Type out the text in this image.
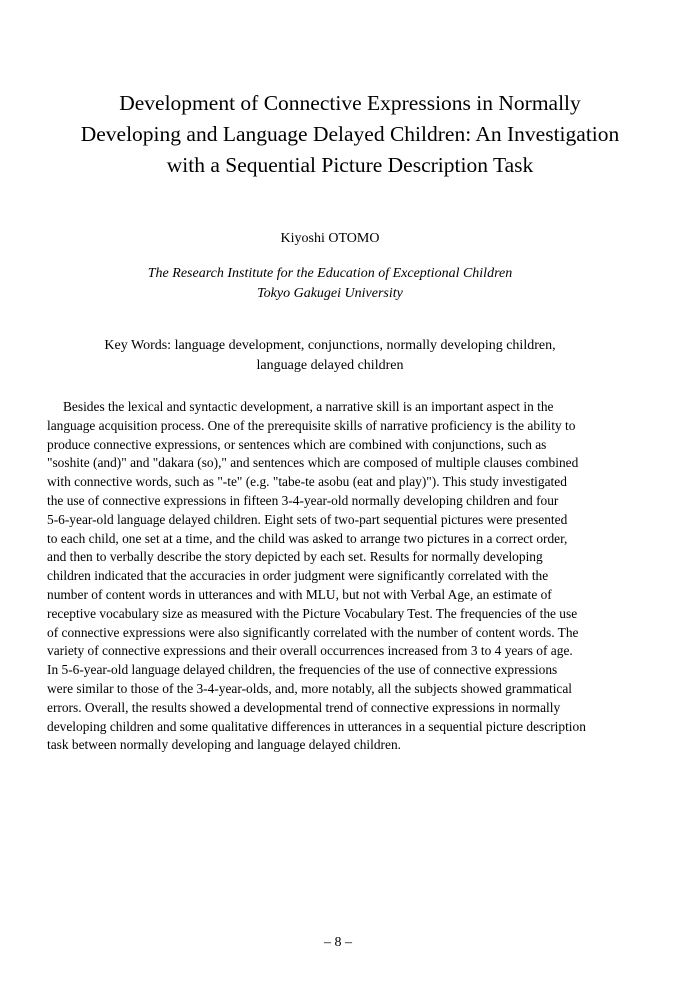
Development of Connective Expressions in Normally
Developing and Language Delayed Children: An Investigation
with a Sequential Picture Description Task
Kiyoshi OTOMO
The Research Institute for the Education of Exceptional Children
Tokyo Gakugei University
Key Words: language development, conjunctions, normally developing children,
language delayed children
Besides the lexical and syntactic development, a narrative skill is an important aspect in the
language acquisition process. One of the prerequisite skills of narrative proficiency is the ability to
produce connective expressions, or sentences which are combined with conjunctions, such as
"soshite (and)" and "dakara (so)," and sentences which are composed of multiple clauses combined
with connective words, such as "-te" (e.g. "tabe-te asobu (eat and play)"). This study investigated
the use of connective expressions in fifteen 3-4-year-old normally developing children and four
5-6-year-old language delayed children. Eight sets of two-part sequential pictures were presented
to each child, one set at a time, and the child was asked to arrange two pictures in a correct order,
and then to verbally describe the story depicted by each set. Results for normally developing
children indicated that the accuracies in order judgment were significantly correlated with the
number of content words in utterances and with MLU, but not with Verbal Age, an estimate of
receptive vocabulary size as measured with the Picture Vocabulary Test. The frequencies of the use
of connective expressions were also significantly correlated with the number of content words. The
variety of connective expressions and their overall occurrences increased from 3 to 4 years of age.
In 5-6-year-old language delayed children, the frequencies of the use of connective expressions
were similar to those of the 3-4-year-olds, and, more notably, all the subjects showed grammatical
errors. Overall, the results showed a developmental trend of connective expressions in normally
developing children and some qualitative differences in utterances in a sequential picture description
task between normally developing and language delayed children.
– 8 –
